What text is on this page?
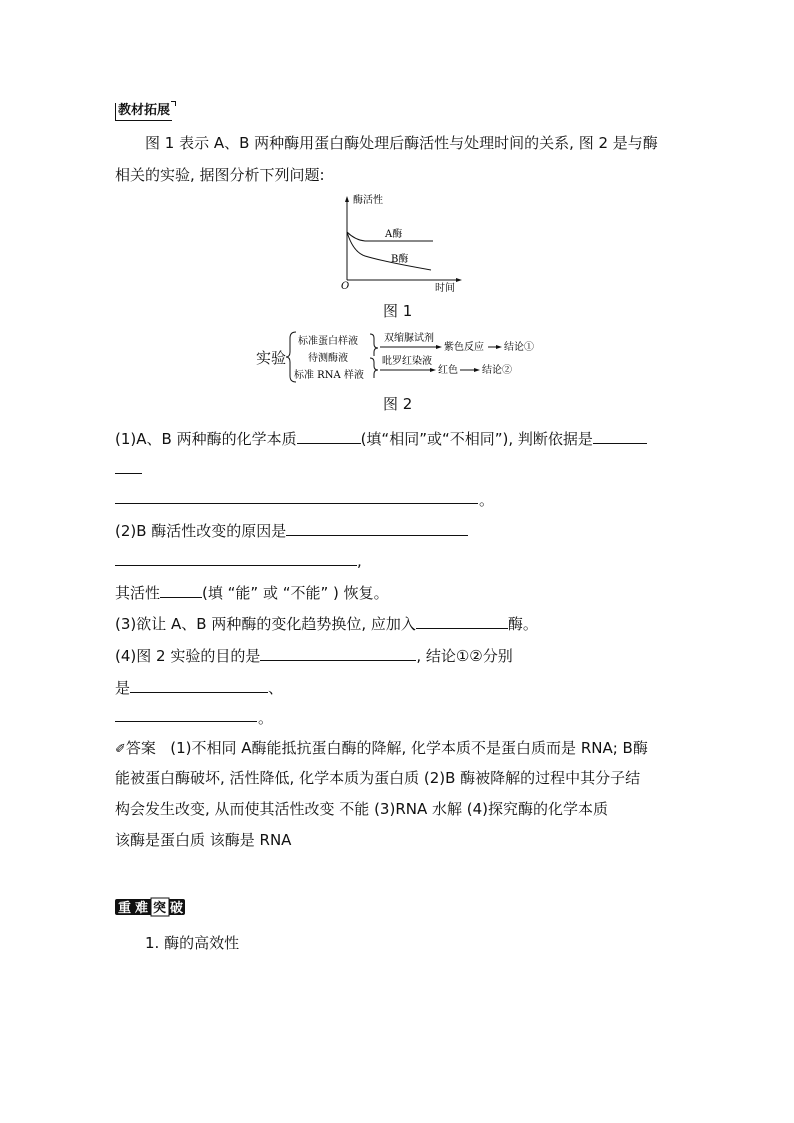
教材拓展
图 1 表示 A、B 两种酶用蛋白酶处理后酶活性与处理时间的关系, 图 2 是与酶
相关的实验, 据图分析下列问题:
酶活性
A酶
B酶
O	时间
图 1
实验
标准蛋白样液
待测酶液
标准 RNA 样液
双缩脲试剂
紫色反应 结论①
吡罗红染液
红色 结论②
图 2
(1)A、B 两种酶的化学本质	(填“相同”或“不相同”), 判断依据是
。
(2)B 酶活性改变的原因是
,
其活性	(填 “能” 或 “不能” ) 恢复。
(3)欲让 A、B 两种酶的变化趋势换位, 应加入	酶。
(4)图 2 实验的目的是	, 结论①②分别
是	、
。
✐答案 (1)不相同 A酶能抵抗蛋白酶的降解, 化学本质不是蛋白质而是 RNA; B酶
能被蛋白酶破坏, 活性降低, 化学本质为蛋白质 (2)B 酶被降解的过程中其分子结
构会发生改变, 从而使其活性改变 不能 (3)RNA 水解 (4)探究酶的化学本质
该酶是蛋白质 该酶是 RNA
重 难 突 破
1. 酶的高效性
